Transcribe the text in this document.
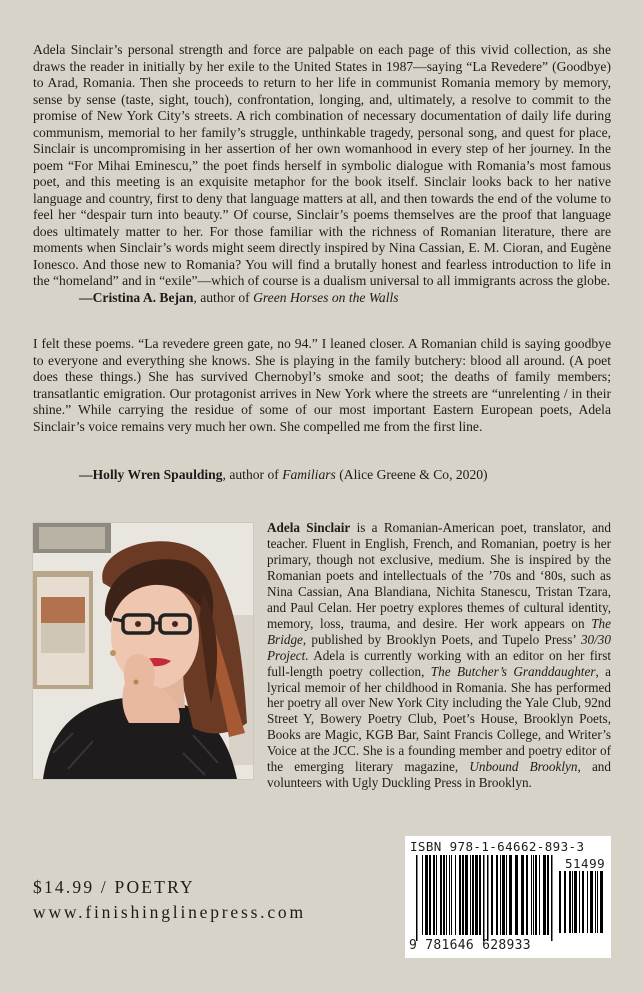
Adela Sinclair’s personal strength and force are palpable on each page of this vivid collection, as she draws the reader in initially by her exile to the United States in 1987—saying “La Revedere” (Goodbye) to Arad, Romania. Then she proceeds to return to her life in communist Romania memory by memory, sense by sense (taste, sight, touch), confrontation, longing, and, ultimately, a resolve to commit to the promise of New York City’s streets. A rich combination of necessary documentation of daily life during communism, memorial to her family’s struggle, unthinkable tragedy, personal song, and quest for place, Sinclair is uncompromising in her assertion of her own womanhood in every step of her journey. In the poem “For Mihai Eminescu,” the poet finds herself in symbolic dialogue with Romania’s most famous poet, and this meeting is an exquisite metaphor for the book itself. Sinclair looks back to her native language and country, first to deny that language matters at all, and then towards the end of the volume to feel her “despair turn into beauty.” Of course, Sinclair’s poems themselves are the proof that language does ultimately matter to her. For those familiar with the richness of Romanian literature, there are moments when Sinclair’s words might seem directly inspired by Nina Cassian, E. M. Cioran, and Eugène Ionesco. And those new to Romania? You will find a brutally honest and fearless introduction to life in the “homeland” and in “exile”—which of course is a dualism universal to all immigrants across the globe.

—Cristina A. Bejan, author of Green Horses on the Walls

I felt these poems. “La revedere green gate, no 94.” I leaned closer. A Romanian child is saying goodbye to everyone and everything she knows. She is playing in the family butchery: blood all around. (A poet does these things.) She has survived Chernobyl’s smoke and soot; the deaths of family members; transatlantic emigration. Our protagonist arrives in New York where the streets are “unrelenting / in their shine.” While carrying the residue of some of our most important Eastern European poets, Adela Sinclair’s voice remains very much her own. She compelled me from the first line.

—Holly Wren Spaulding, author of Familiars (Alice Greene & Co, 2020)

Adela Sinclair is a Romanian-American poet, translator, and teacher. Fluent in English, French, and Romanian, poetry is her primary, though not exclusive, medium. She is inspired by the Romanian poets and intellectuals of the ’70s and ‘80s, such as Nina Cassian, Ana Blandiana, Nichita Stanescu, Tristan Tzara, and Paul Celan. Her poetry explores themes of cultural identity, memory, loss, trauma, and desire. Her work appears on The Bridge, published by Brooklyn Poets, and Tupelo Press’ 30/30 Project. Adela is currently working with an editor on her first full-length poetry collection, The Butcher’s Granddaughter, a lyrical memoir of her childhood in Romania. She has performed her poetry all over New York City including the Yale Club, 92nd Street Y, Bowery Poetry Club, Poet’s House, Brooklyn Poets, Books are Magic, KGB Bar, Saint Francis College, and Writer’s Voice at the JCC. She is a founding member and poetry editor of the emerging literary magazine, Unbound Brooklyn, and volunteers with Ugly Duckling Press in Brooklyn.

$14.99 / POETRY
www.finishinglinepress.com
ISBN 978-1-64662-893-3
51499
9 781646 628933
